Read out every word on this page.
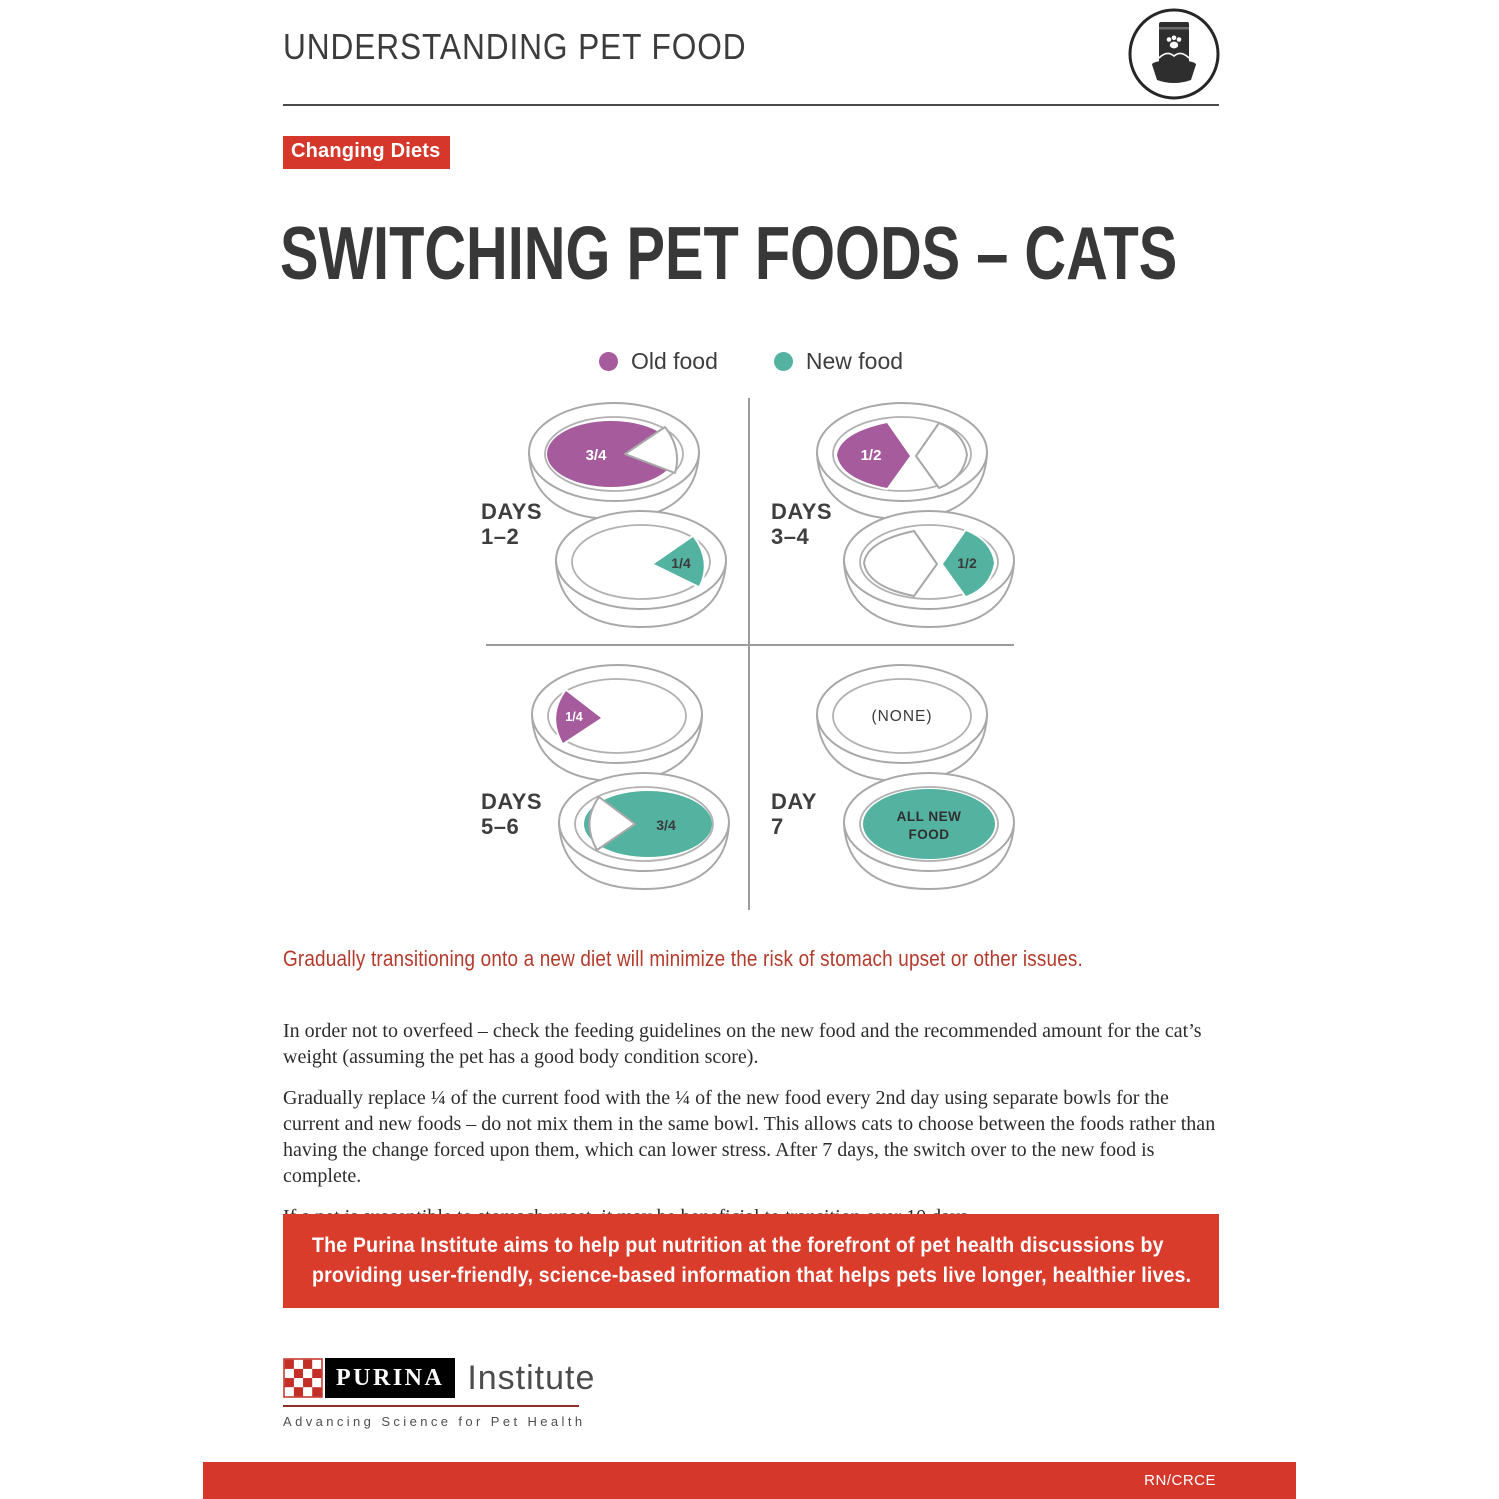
UNDERSTANDING PET FOOD
Changing Diets
SWITCHING PET FOODS – CATS
Old food	New food
DAYS
1–2
3/4
1/4
DAYS
3–4
1/2
1/2
DAYS
5–6
1/4
3/4
DAY
7
(NONE)
ALL NEW
FOOD
Gradually transitioning onto a new diet will minimize the risk of stomach upset or other issues.

In order not to overfeed – check the feeding guidelines on the new food and the recommended amount for the cat’s weight (assuming the pet has a good body condition score).

Gradually replace ¼ of the current food with the ¼ of the new food every 2nd day using separate bowls for the current and new foods – do not mix them in the same bowl. This allows cats to choose between the foods rather than having the change forced upon them, which can lower stress. After 7 days, the switch over to the new food is complete.

The Purina Institute aims to help put nutrition at the forefront of pet health discussions by
providing user-friendly, science-based information that helps pets live longer, healthier lives.
PURINA Institute
Advancing Science for Pet Health
RN/CRCE
